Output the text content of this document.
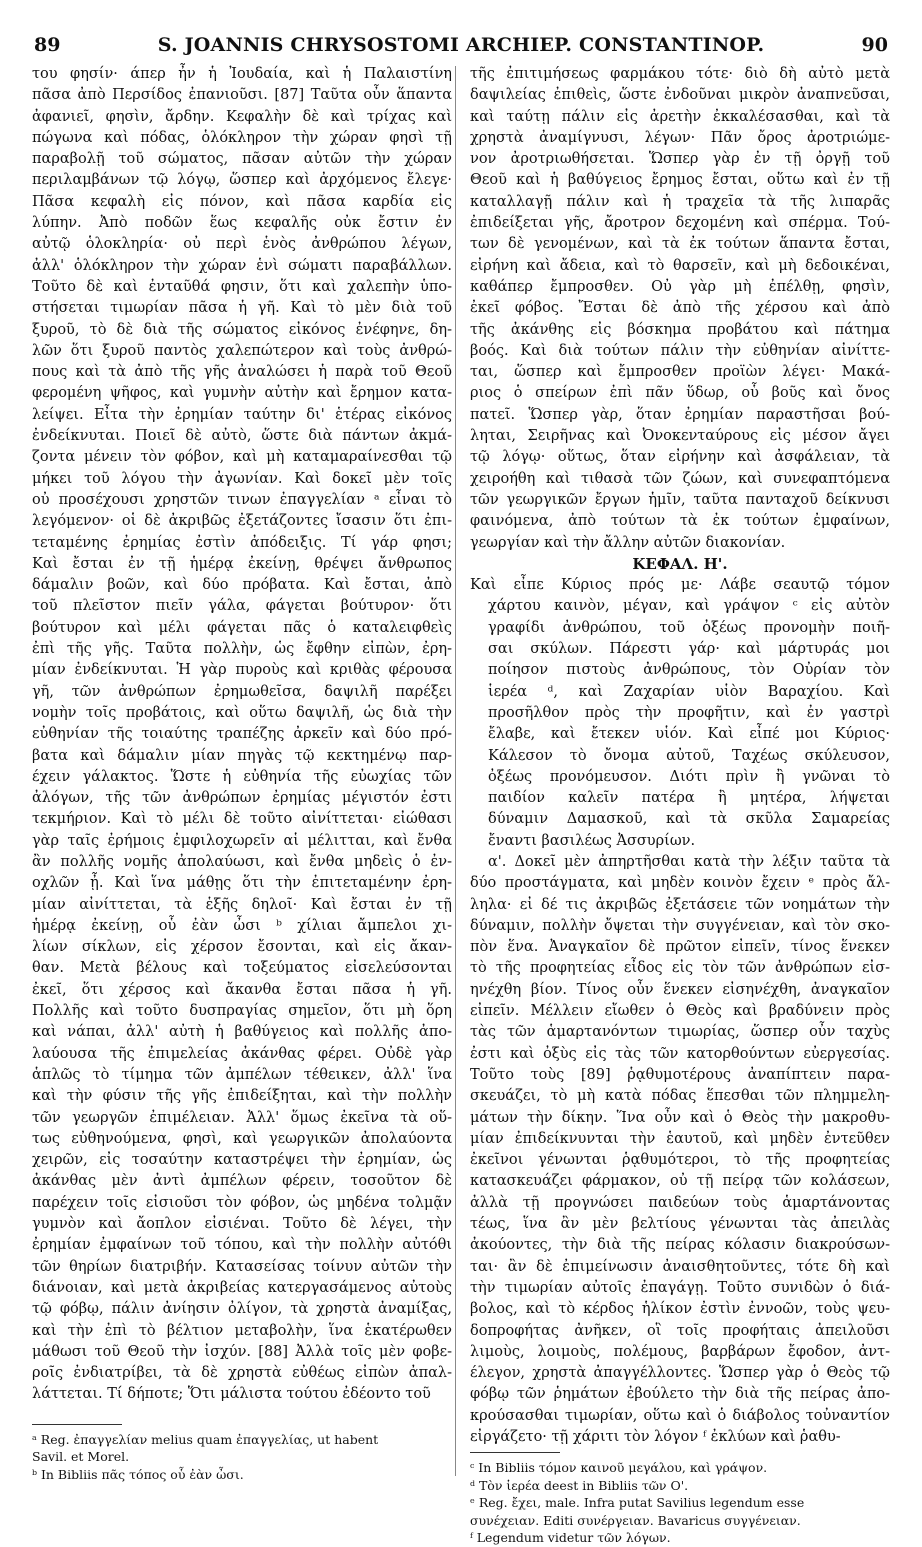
89	S. JOANNIS CHRYSOSTOMI ARCHIEP. CONSTANTINOP.	90
του φησίν· άπερ ἦν ἡ Ἰουδαία, καὶ ἡ Παλαιστίνη
πᾶσα ἀπὸ Περσίδος ἐπανιοῦσι. [87] Ταῦτα οὖν ἅπαντα
ἀφανιεῖ, φησὶν, ἄρδην. Κεφαλὴν δὲ καὶ τρίχας καὶ
πώγωνα καὶ πόδας, ὁλόκληρον τὴν χώραν φησὶ τῇ
παραβολῇ τοῦ σώματος, πᾶσαν αὐτῶν τὴν χώραν
περιλαμβάνων τῷ λόγῳ, ὥσπερ καὶ ἀρχόμενος ἔλεγε·
Πᾶσα κεφαλὴ εἰς πόνον, καὶ πᾶσα καρδία εἰς
λύπην. Ἀπὸ ποδῶν ἕως κεφαλῆς οὐκ ἔστιν ἐν
αὐτῷ ὁλοκληρία· οὐ περὶ ἑνὸς ἀνθρώπου λέγων,
ἀλλ' ὁλόκληρον τὴν χώραν ἑνὶ σώματι παραβάλλων.
Τοῦτο δὲ καὶ ἐνταῦθά φησιν, ὅτι καὶ χαλεπὴν ὑπο-
στήσεται τιμωρίαν πᾶσα ἡ γῆ. Καὶ τὸ μὲν διὰ τοῦ
ξυροῦ, τὸ δὲ διὰ τῆς σώματος εἰκόνος ἐνέφηνε, δη-
λῶν ὅτι ξυροῦ παντὸς χαλεπώτερον καὶ τοὺς ἀνθρώ-
πους καὶ τὰ ἀπὸ τῆς γῆς ἀναλώσει ἡ παρὰ τοῦ Θεοῦ
φερομένη ψῆφος, καὶ γυμνὴν αὐτὴν καὶ ἔρημον κατα-
λείψει. Εἶτα τὴν ἐρημίαν ταύτην δι' ἑτέρας εἰκόνος
ἐνδείκνυται. Ποιεῖ δὲ αὐτὸ, ὥστε διὰ πάντων ἀκμά-
ζοντα μένειν τὸν φόβον, καὶ μὴ καταμαραίνεσθαι τῷ
μήκει τοῦ λόγου τὴν ἀγωνίαν. Καὶ δοκεῖ μὲν τοῖς
οὐ προσέχουσι χρηστῶν τινων ἐπαγγελίαν ᵃ εἶναι τὸ
λεγόμενον· οἱ δὲ ἀκριβῶς ἐξετάζοντες ἴσασιν ὅτι ἐπι-
τεταμένης ἐρημίας ἐστὶν ἀπόδειξις. Τί γάρ φησι;
Καὶ ἔσται ἐν τῇ ἡμέρᾳ ἐκείνῃ, θρέψει ἄνθρωπος
δάμαλιν βοῶν, καὶ δύο πρόβατα. Καὶ ἔσται, ἀπὸ
τοῦ πλεῖστον πιεῖν γάλα, φάγεται βούτυρον· ὅτι
βούτυρον καὶ μέλι φάγεται πᾶς ὁ καταλειφθεὶς
ἐπὶ τῆς γῆς. Ταῦτα πολλὴν, ὡς ἔφθην εἰπὼν, ἐρη-
μίαν ἐνδείκνυται. Ἡ γὰρ πυροὺς καὶ κριθὰς φέρουσα
γῆ, τῶν ἀνθρώπων ἐρημωθεῖσα, δαψιλῆ παρέξει
νομὴν τοῖς προβάτοις, καὶ οὕτω δαψιλῆ, ὡς διὰ τὴν
εὐθηνίαν τῆς τοιαύτης τραπέζης ἀρκεῖν καὶ δύο πρό-
βατα καὶ δάμαλιν μίαν πηγὰς τῷ κεκτημένῳ παρ-
έχειν γάλακτος. Ὥστε ἡ εὐθηνία τῆς εὐωχίας τῶν
ἀλόγων, τῆς τῶν ἀνθρώπων ἐρημίας μέγιστόν ἐστι
τεκμήριον. Καὶ τὸ μέλι δὲ τοῦτο αἰνίττεται· εἰώθασι
γὰρ ταῖς ἐρήμοις ἐμφιλοχωρεῖν αἱ μέλιτται, καὶ ἔνθα
ἂν πολλῆς νομῆς ἀπολαύωσι, καὶ ἔνθα μηδεὶς ὁ ἐν-
οχλῶν ᾖ. Καὶ ἵνα μάθῃς ὅτι τὴν ἐπιτεταμένην ἐρη-
μίαν αἰνίττεται, τὰ ἑξῆς δηλοῖ· Καὶ ἔσται ἐν τῇ
ἡμέρᾳ ἐκείνῃ, οὗ ἐὰν ὦσι ᵇ χίλιαι ἄμπελοι χι-
λίων σίκλων, εἰς χέρσον ἔσονται, καὶ εἰς ἄκαν-
θαν. Μετὰ βέλους καὶ τοξεύματος εἰσελεύσονται
ἐκεῖ, ὅτι χέρσος καὶ ἄκανθα ἔσται πᾶσα ἡ γῆ.
Πολλῆς καὶ τοῦτο δυσπραγίας σημεῖον, ὅτι μὴ ὅρη
καὶ νάπαι, ἀλλ' αὐτὴ ἡ βαθύγειος καὶ πολλῆς ἀπο-
λαύουσα τῆς ἐπιμελείας ἀκάνθας φέρει. Οὐδὲ γὰρ
ἁπλῶς τὸ τίμημα τῶν ἀμπέλων τέθεικεν, ἀλλ' ἵνα
καὶ τὴν φύσιν τῆς γῆς ἐπιδείξηται, καὶ τὴν πολλὴν
τῶν γεωργῶν ἐπιμέλειαν. Ἀλλ' ὅμως ἐκεῖνα τὰ οὕ-
τως εὐθηνούμενα, φησὶ, καὶ γεωργικῶν ἀπολαύοντα
χειρῶν, εἰς τοσαύτην καταστρέψει τὴν ἐρημίαν, ὡς
ἀκάνθας μὲν ἀντὶ ἀμπέλων φέρειν, τοσοῦτον δὲ
παρέχειν τοῖς εἰσιοῦσι τὸν φόβον, ὡς μηδένα τολμᾷν
γυμνὸν καὶ ἄοπλον εἰσιέναι. Τοῦτο δὲ λέγει, τὴν
ἐρημίαν ἐμφαίνων τοῦ τόπου, καὶ τὴν πολλὴν αὐτόθι
τῶν θηρίων διατριβήν. Κατασείσας τοίνυν αὐτῶν τὴν
διάνοιαν, καὶ μετὰ ἀκριβείας κατεργασάμενος αὐτοὺς
τῷ φόβῳ, πάλιν ἀνίησιν ὀλίγον, τὰ χρηστὰ ἀναμίξας,
καὶ τὴν ἐπὶ τὸ βέλτιον μεταβολὴν, ἵνα ἑκατέρωθεν
μάθωσι τοῦ Θεοῦ τὴν ἰσχύν. [88] Ἀλλὰ τοῖς μὲν φοβε-
ροῖς ἐνδιατρίβει, τὰ δὲ χρηστὰ εὐθέως εἰπὼν ἀπαλ-
λάττεται. Τί δήποτε; Ὅτι μάλιστα τούτου ἐδέοντο τοῦ
ᵃ Reg. ἐπαγγελίαν melius quam ἐπαγγελίας, ut habent
Savil. et Morel.
ᵇ In Bibliis πᾶς τόπος οὗ ἐὰν ὦσι.
τῆς ἐπιτιμήσεως φαρμάκου τότε· διὸ δὴ αὐτὸ μετὰ
δαψιλείας ἐπιθεὶς, ὥστε ἐνδοῦναι μικρὸν ἀναπνεῦσαι,
καὶ ταύτῃ πάλιν εἰς ἀρετὴν ἐκκαλέσασθαι, καὶ τὰ
χρηστὰ ἀναμίγνυσι, λέγων· Πᾶν ὄρος ἀροτριώμε-
νον ἀροτριωθήσεται. Ὥσπερ γὰρ ἐν τῇ ὀργῇ τοῦ
Θεοῦ καὶ ἡ βαθύγειος ἔρημος ἔσται, οὕτω καὶ ἐν τῇ
καταλλαγῇ πάλιν καὶ ἡ τραχεῖα τὰ τῆς λιπαρᾶς
ἐπιδείξεται γῆς, ἄροτρον δεχομένη καὶ σπέρμα. Τού-
των δὲ γενομένων, καὶ τὰ ἐκ τούτων ἅπαντα ἔσται,
εἰρήνη καὶ ἄδεια, καὶ τὸ θαρσεῖν, καὶ μὴ δεδοικέναι,
καθάπερ ἔμπροσθεν. Οὐ γὰρ μὴ ἐπέλθῃ, φησὶν,
ἐκεῖ φόβος. Ἔσται δὲ ἀπὸ τῆς χέρσου καὶ ἀπὸ
τῆς ἀκάνθης εἰς βόσκημα προβάτου καὶ πάτημα
βοός. Καὶ διὰ τούτων πάλιν τὴν εὐθηνίαν αἰνίττε-
ται, ὥσπερ καὶ ἔμπροσθεν προϊὼν λέγει· Μακά-
ριος ὁ σπείρων ἐπὶ πᾶν ὕδωρ, οὗ βοῦς καὶ ὄνος
πατεῖ. Ὥσπερ γὰρ, ὅταν ἐρημίαν παραστῆσαι βού-
ληται, Σειρῆνας καὶ Ὀνοκενταύρους εἰς μέσον ἄγει
τῷ λόγῳ· οὕτως, ὅταν εἰρήνην καὶ ἀσφάλειαν, τὰ
χειροήθη καὶ τιθασὰ τῶν ζώων, καὶ συνεφαπτόμενα
τῶν γεωργικῶν ἔργων ἡμῖν, ταῦτα πανταχοῦ δείκνυσι
φαινόμενα, ἀπὸ τούτων τὰ ἐκ τούτων ἐμφαίνων,
γεωργίαν καὶ τὴν ἄλλην αὐτῶν διακονίαν.
ΚΕΦΑΛ. Η'.
Καὶ εἶπε Κύριος πρός με· Λάβε σεαυτῷ τόμον
χάρτου καινὸν, μέγαν, καὶ γράψον ᶜ εἰς αὐτὸν
γραφίδι ἀνθρώπου, τοῦ ὀξέως προνομὴν ποιῆ-
σαι σκύλων. Πάρεστι γάρ· καὶ μάρτυράς μοι
ποίησον πιστοὺς ἀνθρώπους, τὸν Οὐρίαν τὸν
ἱερέα ᵈ, καὶ Ζαχαρίαν υἱὸν Βαραχίου. Καὶ
προσῆλθον πρὸς τὴν προφῆτιν, καὶ ἐν γαστρὶ
ἔλαβε, καὶ ἔτεκεν υἱόν. Καὶ εἶπέ μοι Κύριος·
Κάλεσον τὸ ὄνομα αὐτοῦ, Ταχέως σκύλευσον,
ὀξέως προνόμευσον. Διότι πρὶν ἢ γνῶναι τὸ
παιδίον καλεῖν πατέρα ἢ μητέρα, λήψεται
δύναμιν Δαμασκοῦ, καὶ τὰ σκῦλα Σαμαρείας
ἔναντι βασιλέως Ἀσσυρίων.
α'. Δοκεῖ μὲν ἀπηρτῆσθαι κατὰ τὴν λέξιν ταῦτα τὰ
δύο προστάγματα, καὶ μηδὲν κοινὸν ἔχειν ᵉ πρὸς ἄλ-
ληλα· εἰ δέ τις ἀκριβῶς ἐξετάσειε τῶν νοημάτων τὴν
δύναμιν, πολλὴν ὄψεται τὴν συγγένειαν, καὶ τὸν σκο-
πὸν ἕνα. Ἀναγκαῖον δὲ πρῶτον εἰπεῖν, τίνος ἕνεκεν
τὸ τῆς προφητείας εἶδος εἰς τὸν τῶν ἀνθρώπων εἰσ-
ηνέχθη βίον. Τίνος οὖν ἕνεκεν εἰσηνέχθη, ἀναγκαῖον
εἰπεῖν. Μέλλειν εἴωθεν ὁ Θεὸς καὶ βραδύνειν πρὸς
τὰς τῶν ἁμαρτανόντων τιμωρίας, ὥσπερ οὖν ταχὺς
ἐστι καὶ ὀξὺς εἰς τὰς τῶν κατορθούντων εὐεργεσίας.
Τοῦτο τοὺς [89] ῥᾳθυμοτέρους ἀναπίπτειν παρα-
σκευάζει, τὸ μὴ κατὰ πόδας ἕπεσθαι τῶν πλημμελη-
μάτων τὴν δίκην. Ἵνα οὖν καὶ ὁ Θεὸς τὴν μακροθυ-
μίαν ἐπιδείκνυνται τὴν ἑαυτοῦ, καὶ μηδὲν ἐντεῦθεν
ἐκεῖνοι γένωνται ῥᾳθυμότεροι, τὸ τῆς προφητείας
κατασκευάζει φάρμακον, οὐ τῇ πείρᾳ τῶν κολάσεων,
ἀλλὰ τῇ προγνώσει παιδεύων τοὺς ἁμαρτάνοντας
τέως, ἵνα ἂν μὲν βελτίους γένωνται τὰς ἀπειλὰς
ἀκούοντες, τὴν διὰ τῆς πείρας κόλασιν διακρούσων-
ται· ἂν δὲ ἐπιμείνωσιν ἀναισθητοῦντες, τότε δὴ καὶ
τὴν τιμωρίαν αὐτοῖς ἐπαγάγῃ. Τοῦτο συνιδὼν ὁ διά-
βολος, καὶ τὸ κέρδος ἡλίκον ἐστὶν ἐννοῶν, τοὺς ψευ-
δοπροφήτας ἀνῆκεν, οἳ τοῖς προφήταις ἀπειλοῦσι
λιμοὺς, λοιμοὺς, πολέμους, βαρβάρων ἔφοδον, ἀντ-
έλεγον, χρηστὰ ἀπαγγέλλοντες. Ὥσπερ γὰρ ὁ Θεὸς τῷ
φόβῳ τῶν ῥημάτων ἐβούλετο τὴν διὰ τῆς πείρας ἀπο-
κρούσασθαι τιμωρίαν, οὕτω καὶ ὁ διάβολος τοὐναντίον
εἰργάζετο· τῇ χάριτι τὸν λόγον ᶠ ἐκλύων καὶ ῥαθυ-
ᶜ In Bibliis τόμον καινοῦ μεγάλου, καὶ γράψον.
ᵈ Τὸν ἱερέα deest in Bibliis τῶν Ο'.
ᵉ Reg. ἔχει, male. Infra putat Savilius legendum esse
συνέχειαν. Editi συνέργειαν. Bavaricus συγγένειαν.
ᶠ Legendum videtur τῶν λόγων.
